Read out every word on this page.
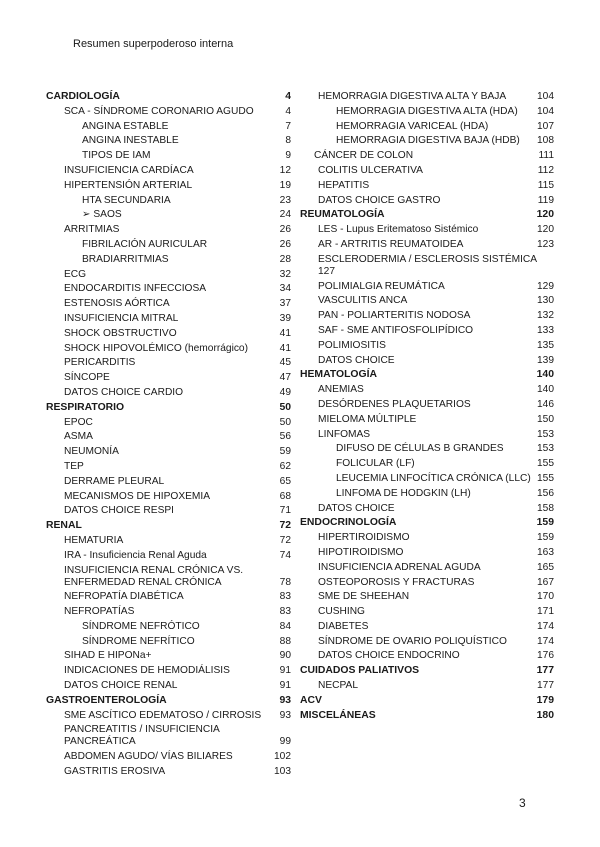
Resumen superpoderoso interna
CARDIOLOGÍA	4
SCA - SÍNDROME CORONARIO AGUDO	4
ANGINA ESTABLE	7
ANGINA INESTABLE	8
TIPOS DE IAM	9
INSUFICIENCIA CARDÍACA	12
HIPERTENSIÓN ARTERIAL	19
HTA SECUNDARIA	23
➢ SAOS	24
ARRITMIAS	26
FIBRILACIÓN AURICULAR	26
BRADIARRITMIAS	28
ECG	32
ENDOCARDITIS INFECCIOSA	34
ESTENOSIS AÓRTICA	37
INSUFICIENCIA MITRAL	39
SHOCK OBSTRUCTIVO	41
SHOCK HIPOVOLÉMICO (hemorrágico)	41
PERICARDITIS	45
SÍNCOPE	47
DATOS CHOICE CARDIO	49
RESPIRATORIO	50
EPOC	50
ASMA	56
NEUMONÍA	59
TEP	62
DERRAME PLEURAL	65
MECANISMOS DE HIPOXEMIA	68
DATOS CHOICE RESPI	71
RENAL	72
HEMATURIA	72
IRA - Insuficiencia Renal Aguda	74
INSUFICIENCIA RENAL CRÓNICA VS. ENFERMEDAD RENAL CRÓNICA	78
NEFROPATÍA DIABÉTICA	83
NEFROPATÍAS	83
SÍNDROME NEFRÓTICO	84
SÍNDROME NEFRÍTICO	88
SIHAD E HIPONa+	90
INDICACIONES DE HEMODIÁLISIS	91
DATOS CHOICE RENAL	91
GASTROENTEROLOGÍA	93
SME ASCÍTICO EDEMATOSO / CIRROSIS	93
PANCREATITIS / INSUFICIENCIA PANCREÁTICA	99
ABDOMEN AGUDO/ VÍAS BILIARES	102
GASTRITIS EROSIVA	103
HEMORRAGIA DIGESTIVA ALTA Y BAJA	104
HEMORRAGIA DIGESTIVA ALTA (HDA)	104
HEMORRAGIA VARICEAL (HDA)	107
HEMORRAGIA DIGESTIVA BAJA (HDB)	108
CÁNCER DE COLON	111
COLITIS ULCERATIVA	112
HEPATITIS	115
DATOS CHOICE GASTRO	119
REUMATOLOGÍA	120
LES - Lupus Eritematoso Sistémico	120
AR - ARTRITIS REUMATOIDEA	123
ESCLERODERMIA / ESCLEROSIS SISTÉMICA 127
POLIMIALGIA REUMÁTICA	129
VASCULITIS ANCA	130
PAN - POLIARTERITIS NODOSA	132
SAF - SME ANTIFOSFOLIPÍDICO	133
POLIMIOSITIS	135
DATOS CHOICE	139
HEMATOLOGÍA	140
ANEMIAS	140
DESÓRDENES PLAQUETARIOS	146
MIELOMA MÚLTIPLE	150
LINFOMAS	153
DIFUSO DE CÉLULAS B GRANDES	153
FOLICULAR (LF)	155
LEUCEMIA LINFOCÍTICA CRÓNICA (LLC) 155
LINFOMA DE HODGKIN (LH)	156
DATOS CHOICE	158
ENDOCRINOLOGÍA	159
HIPERTIROIDISMO	159
HIPOTIROIDISMO	163
INSUFICIENCIA ADRENAL AGUDA	165
OSTEOPOROSIS Y FRACTURAS	167
SME DE SHEEHAN	170
CUSHING	171
DIABETES	174
SÍNDROME DE OVARIO POLIQUÍSTICO	174
DATOS CHOICE ENDOCRINO	176
CUIDADOS PALIATIVOS	177
NECPAL	177
ACV	179
MISCELÁNEAS	180
3
